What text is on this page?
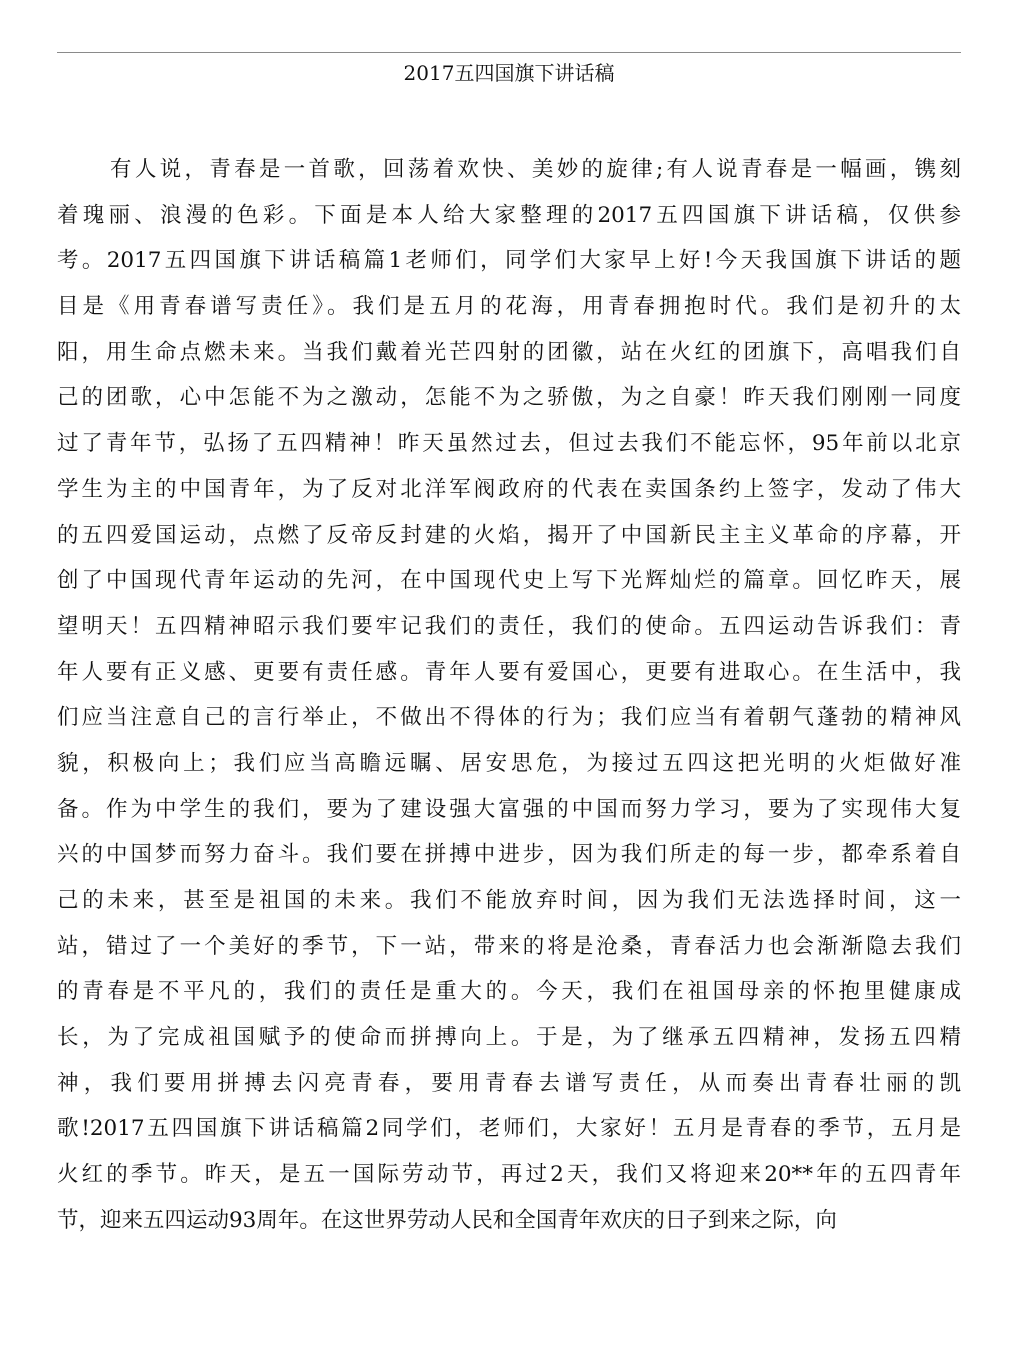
2017五四国旗下讲话稿
有人说，青春是一首歌，回荡着欢快、美妙的旋律;有人说青春是一幅画，镌刻
着瑰丽、浪漫的色彩。下面是本人给大家整理的2017五四国旗下讲话稿，仅供参
考。2017五四国旗下讲话稿篇1老师们，同学们大家早上好!今天我国旗下讲话的题
目是《用青春谱写责任》。我们是五月的花海，用青春拥抱时代。我们是初升的太
阳，用生命点燃未来。当我们戴着光芒四射的团徽，站在火红的团旗下，高唱我们自
己的团歌，心中怎能不为之激动，怎能不为之骄傲，为之自豪！昨天我们刚刚一同度
过了青年节，弘扬了五四精神！昨天虽然过去，但过去我们不能忘怀，95年前以北京
学生为主的中国青年，为了反对北洋军阀政府的代表在卖国条约上签字，发动了伟大
的五四爱国运动，点燃了反帝反封建的火焰，揭开了中国新民主主义革命的序幕，开
创了中国现代青年运动的先河，在中国现代史上写下光辉灿烂的篇章。回忆昨天，展
望明天！五四精神昭示我们要牢记我们的责任，我们的使命。五四运动告诉我们：青
年人要有正义感、更要有责任感。青年人要有爱国心，更要有进取心。在生活中，我
们应当注意自己的言行举止，不做出不得体的行为；我们应当有着朝气蓬勃的精神风
貌，积极向上；我们应当高瞻远瞩、居安思危，为接过五四这把光明的火炬做好准
备。作为中学生的我们，要为了建设强大富强的中国而努力学习，要为了实现伟大复
兴的中国梦而努力奋斗。我们要在拼搏中进步，因为我们所走的每一步，都牵系着自
己的未来，甚至是祖国的未来。我们不能放弃时间，因为我们无法选择时间，这一
站，错过了一个美好的季节，下一站，带来的将是沧桑，青春活力也会渐渐隐去我们
的青春是不平凡的，我们的责任是重大的。今天，我们在祖国母亲的怀抱里健康成
长，为了完成祖国赋予的使命而拼搏向上。于是，为了继承五四精神，发扬五四精
神，我们要用拼搏去闪亮青春，要用青春去谱写责任，从而奏出青春壮丽的凯
歌!2017五四国旗下讲话稿篇2同学们，老师们，大家好！五月是青春的季节，五月是
火红的季节。昨天，是五一国际劳动节，再过2天，我们又将迎来20**年的五四青年
节，迎来五四运动93周年。在这世界劳动人民和全国青年欢庆的日子到来之际，向
